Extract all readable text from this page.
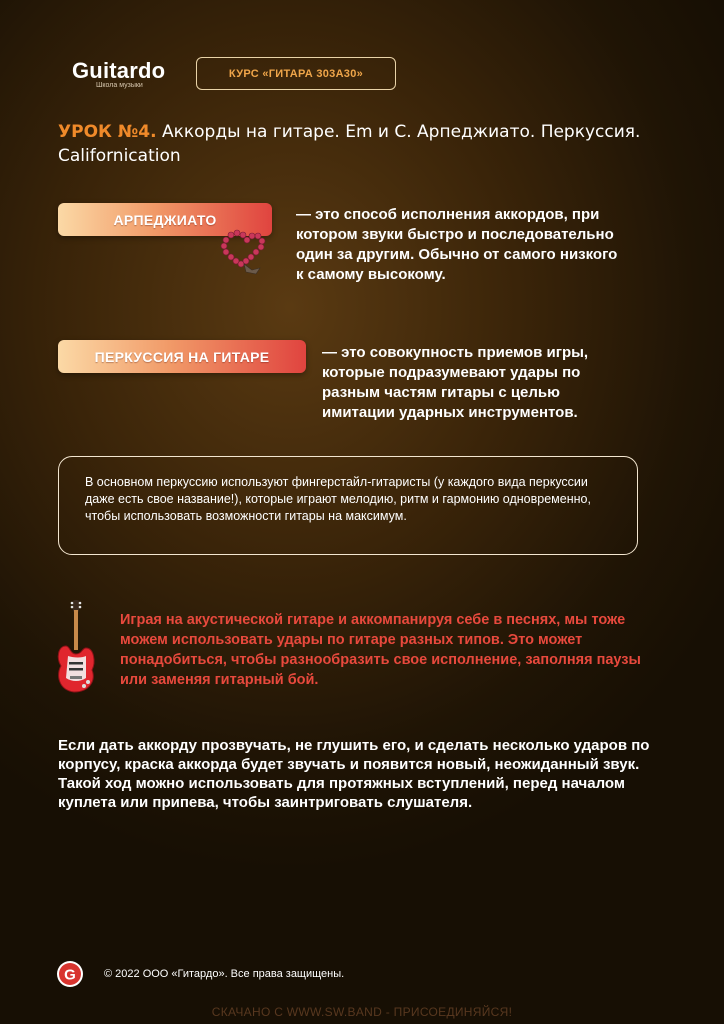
Guitardo
Школа музыки
КУРС «ГИТАРА 303А30»
УРОК №4. Аккорды на гитаре. Em и C. Арпеджиато. Перкуссия. Californication
АРПЕДЖИАТО	— это способ исполнения аккордов, при котором звуки быстро и последовательно один за другим. Обычно от самого низкого к самому высокому.
ПЕРКУССИЯ НА ГИТАРЕ	— это совокупность приемов игры, которые подразумевают удары по разным частям гитары с целью имитации ударных инструментов.
В основном перкуссию используют фингерстайл-гитаристы (у каждого вида перкуссии даже есть свое название!), которые играют мелодию, ритм и гармонию одновременно, чтобы использовать возможности гитары на максимум.
Играя на акустической гитаре и аккомпанируя себе в песнях, мы тоже можем использовать удары по гитаре разных типов. Это может понадобиться, чтобы разнообразить свое исполнение, заполняя паузы или заменяя гитарный бой.
Если дать аккорду прозвучать, не глушить его, и сделать несколько ударов по корпусу, краска аккорда будет звучать и появится новый, неожиданный звук. Такой ход можно использовать для протяжных вступлений, перед началом куплета или припева, чтобы заинтриговать слушателя.
G	© 2022 ООО «Гитардо». Все права защищены.
СКАЧАНО С WWW.SW.BAND - ПРИСОЕДИНЯЙСЯ!
